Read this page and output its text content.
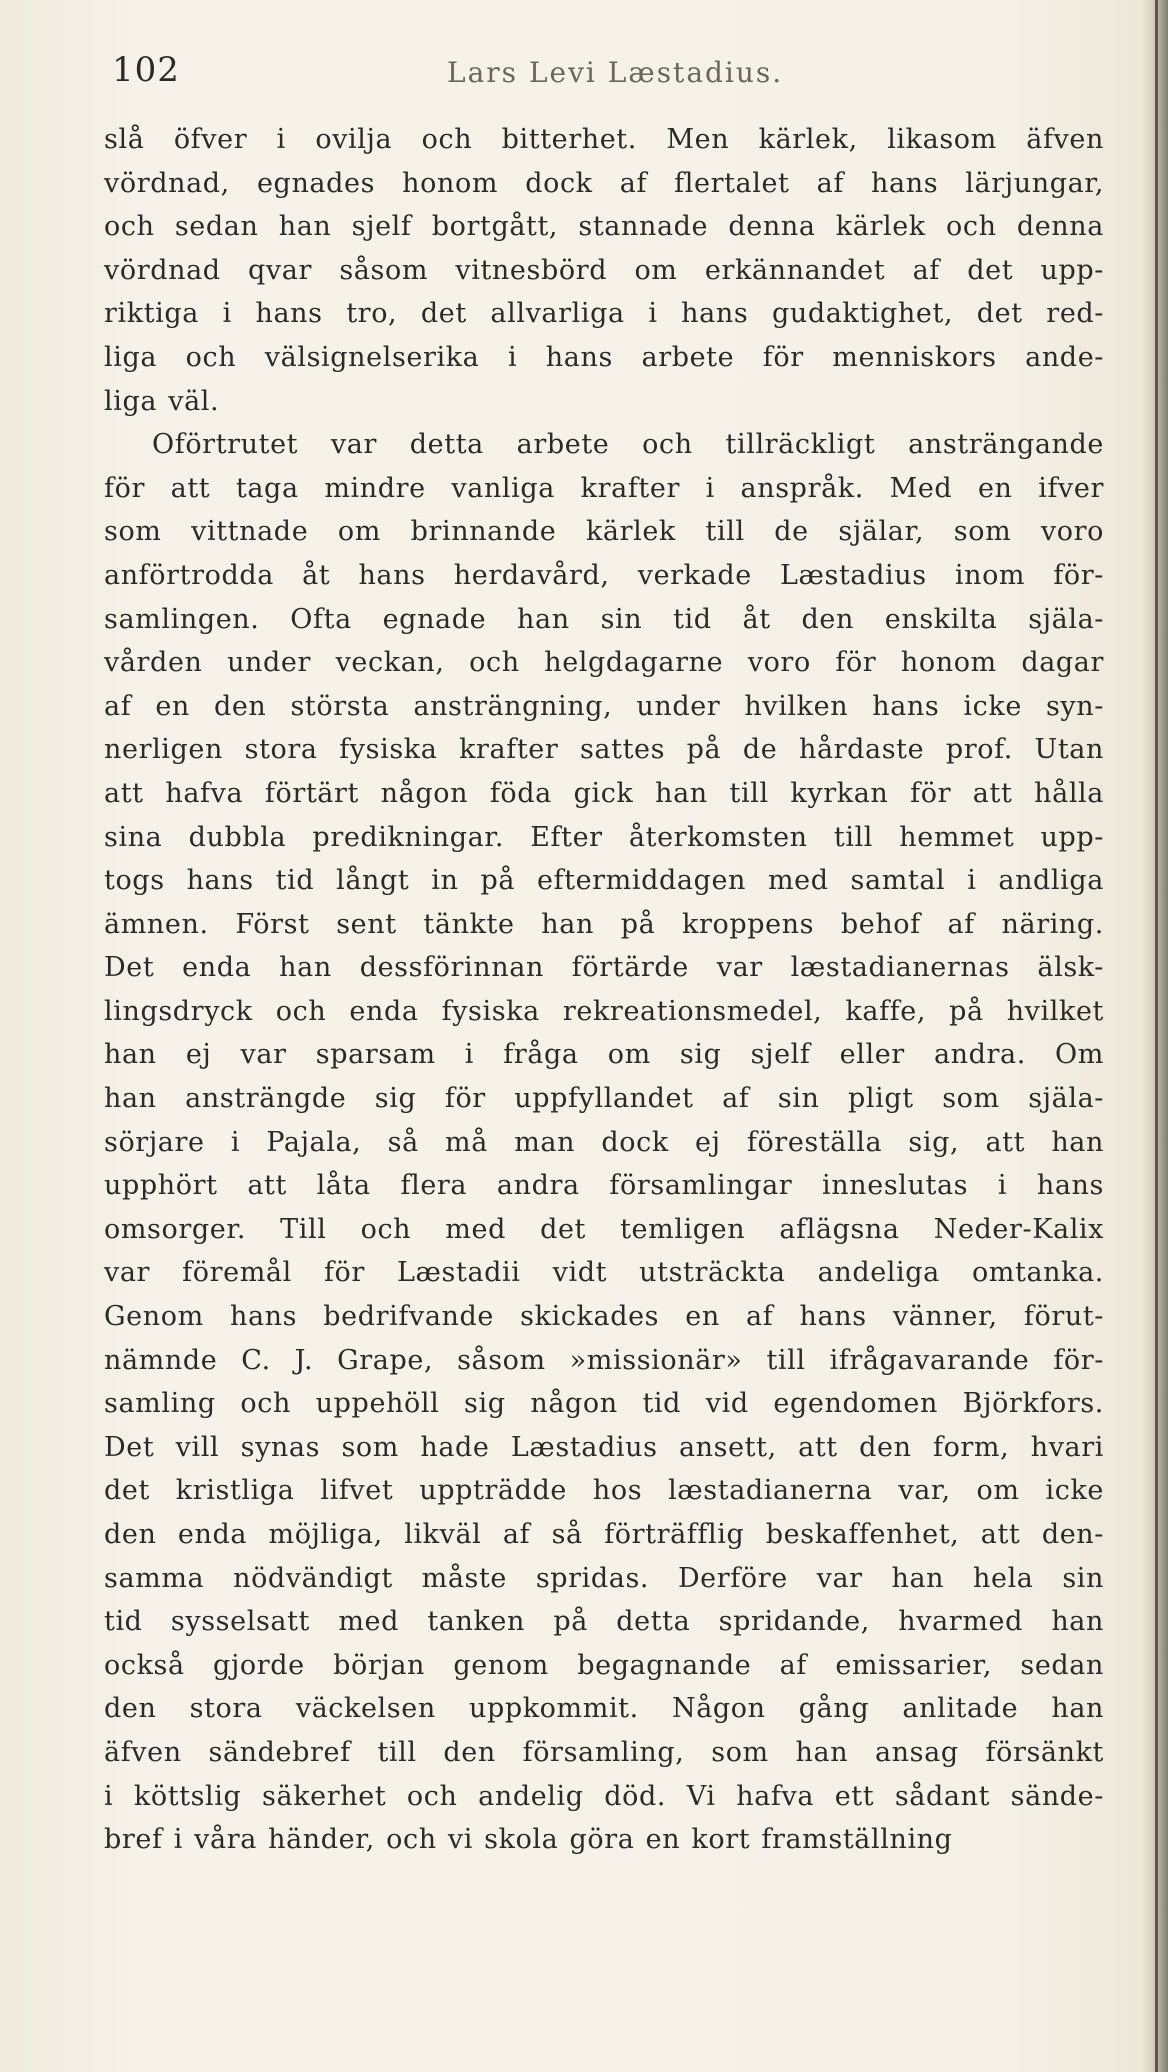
102	Lars Levi Læstadius.
slå öfver i ovilja och bitterhet. Men kärlek, likasom äfven
vördnad, egnades honom dock af flertalet af hans lärjungar,
och sedan han sjelf bortgått, stannade denna kärlek och denna
vördnad qvar såsom vitnesbörd om erkännandet af det upp-
riktiga i hans tro, det allvarliga i hans gudaktighet, det red-
liga och välsignelserika i hans arbete för menniskors ande-
liga väl.
Oförtrutet var detta arbete och tillräckligt ansträngande
för att taga mindre vanliga krafter i anspråk. Med en ifver
som vittnade om brinnande kärlek till de själar, som voro
anförtrodda åt hans herdavård, verkade Læstadius inom för-
samlingen. Ofta egnade han sin tid åt den enskilta själa-
vården under veckan, och helgdagarne voro för honom dagar
af en den största ansträngning, under hvilken hans icke syn-
nerligen stora fysiska krafter sattes på de hårdaste prof. Utan
att hafva förtärt någon föda gick han till kyrkan för att hålla
sina dubbla predikningar. Efter återkomsten till hemmet upp-
togs hans tid långt in på eftermiddagen med samtal i andliga
ämnen. Först sent tänkte han på kroppens behof af näring.
Det enda han dessförinnan förtärde var læstadianernas älsk-
lingsdryck och enda fysiska rekreationsmedel, kaffe, på hvilket
han ej var sparsam i fråga om sig sjelf eller andra. Om
han ansträngde sig för uppfyllandet af sin pligt som själa-
sörjare i Pajala, så må man dock ej föreställa sig, att han
upphört att låta flera andra församlingar inneslutas i hans
omsorger. Till och med det temligen aflägsna Neder-Kalix
var föremål för Læstadii vidt utsträckta andeliga omtanka.
Genom hans bedrifvande skickades en af hans vänner, förut-
nämnde C. J. Grape, såsom »missionär» till ifrågavarande för-
samling och uppehöll sig någon tid vid egendomen Björkfors.
Det vill synas som hade Læstadius ansett, att den form, hvari
det kristliga lifvet uppträdde hos læstadianerna var, om icke
den enda möjliga, likväl af så förträfflig beskaffenhet, att den-
samma nödvändigt måste spridas. Derföre var han hela sin
tid sysselsatt med tanken på detta spridande, hvarmed han
också gjorde början genom begagnande af emissarier, sedan
den stora väckelsen uppkommit. Någon gång anlitade han
äfven sändebref till den församling, som han ansag försänkt
i köttslig säkerhet och andelig död. Vi hafva ett sådant sände-
bref i våra händer, och vi skola göra en kort framställning
